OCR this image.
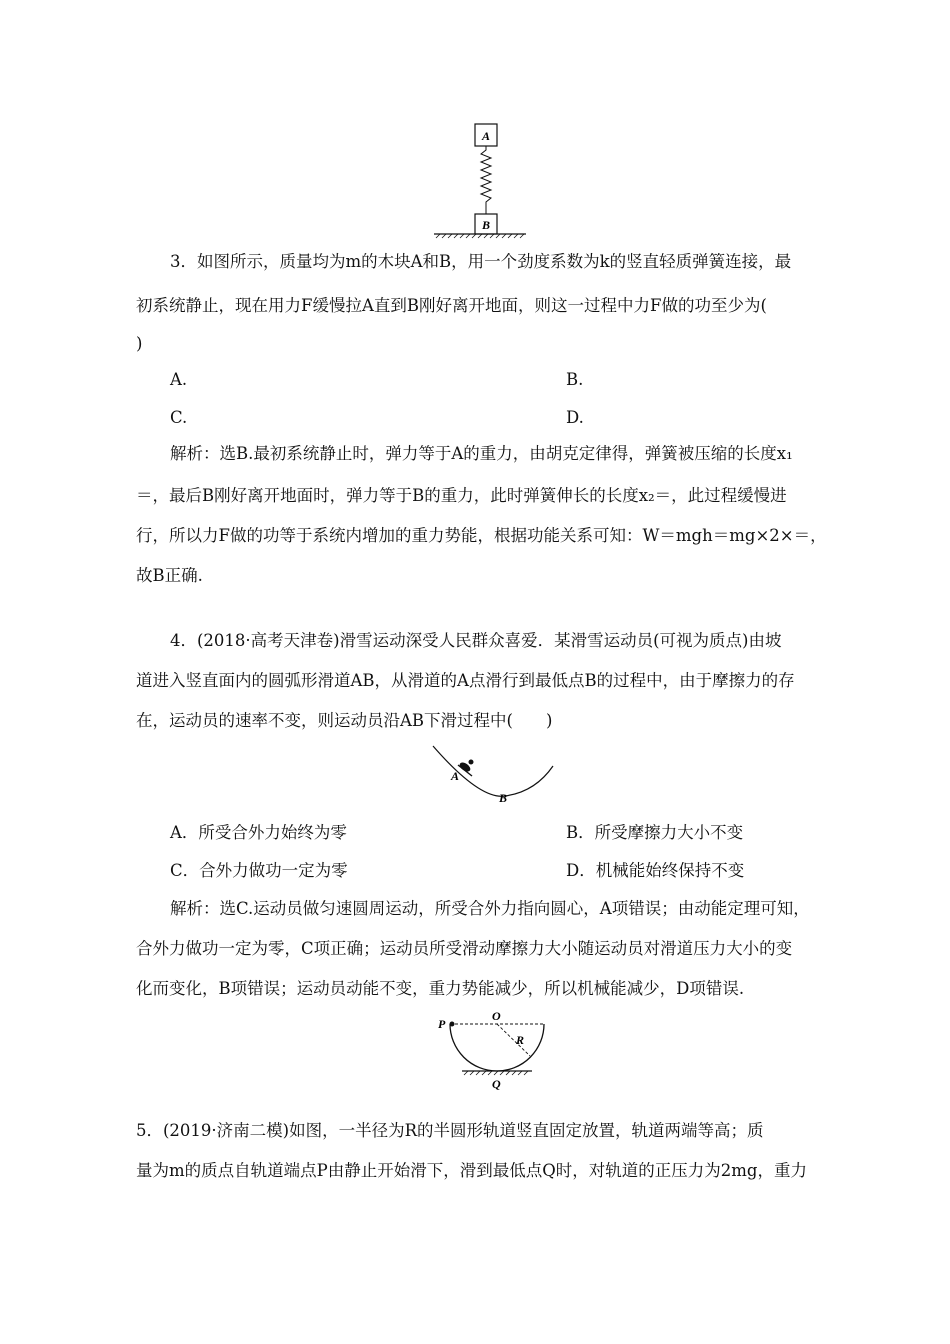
A
B
3．如图所示，质量均为m的木块A和B，用一个劲度系数为k的竖直轻质弹簧连接，最
初系统静止，现在用力F缓慢拉A直到B刚好离开地面，则这一过程中力F做的功至少为(
)
A.	B.
C.	D.
解析：选B.最初系统静止时，弹力等于A的重力，由胡克定律得，弹簧被压缩的长度x₁
＝，最后B刚好离开地面时，弹力等于B的重力，此时弹簧伸长的长度x₂＝，此过程缓慢进
行，所以力F做的功等于系统内增加的重力势能，根据功能关系可知：W＝mgh＝mg×2×＝，
故B正确.
4．(2018·高考天津卷)滑雪运动深受人民群众喜爱．某滑雪运动员(可视为质点)由坡
道进入竖直面内的圆弧形滑道AB，从滑道的A点滑行到最低点B的过程中，由于摩擦力的存
在，运动员的速率不变，则运动员沿AB下滑过程中(　　)
A
B
A．所受合外力始终为零	B．所受摩擦力大小不变
C．合外力做功一定为零	D．机械能始终保持不变
解析：选C.运动员做匀速圆周运动，所受合外力指向圆心，A项错误；由动能定理可知，
合外力做功一定为零，C项正确；运动员所受滑动摩擦力大小随运动员对滑道压力大小的变
化而变化，B项错误；运动员动能不变，重力势能减少，所以机械能减少，D项错误.
P
O
R
Q
5．(2019·济南二模)如图，一半径为R的半圆形轨道竖直固定放置，轨道两端等高；质
量为m的质点自轨道端点P由静止开始滑下，滑到最低点Q时，对轨道的正压力为2mg，重力
